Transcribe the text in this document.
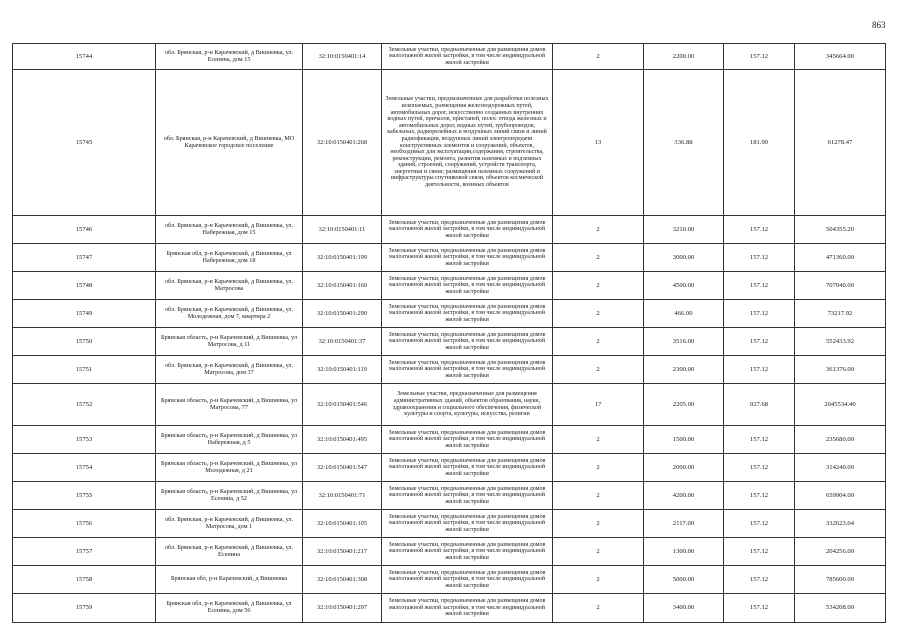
863
15744	обл. Брянская, р-н Карачевский, д Вишневка, ул. Есенина, дом 15	32:10:0150401:14	Земельные участки, предназначенные для размещения домов малоэтажной жилой застройки, в том числе индивидуальной жилой застройки	2	2200.00	157.12	345664.00
15745	обл. Брянская, р-н Карачевский, д Вишневка, МО Карачевское городское поселение	32:10:0150401:268	Земельные участки, предназначенные для разработки полезных ископаемых, размещения железнодорожных путей, автомобильных дорог, искусственно созданных внутренних водных путей, причалов, пристаней, полос отвода железных и автомобильных дорог, водных путей, трубопроводов, кабельных, радиорелейных и воздушных линий связи и линий радиофикации, воздушных линий электропередачи конструктивных элементов и сооружений, объектов, необходимых для эксплуатации,содержания, строительства, реконструкции, ремонта, развития наземных и подземных зданий, строений, сооружений, устройств транспорта, энергетики и связи; размещения наземных сооружений и инфраструктуры спутниковой связи, объектов космической деятельности, военных объектов	13	336.88	181.90	61278.47
15746	обл. Брянская, р-н Карачевский, д Вишневка, ул. Набережная, дом 15	32:10:0150401:11	Земельные участки, предназначенные для размещения домов малоэтажной жилой застройки, в том числе индивидуальной жилой застройки	2	3210.00	157.12	504355.20
15747	Брянская обл, р-н Карачевский, д Вишневка, ул Набережная, дом 18	32:10:0150401:199	Земельные участки, предназначенные для размещения домов малоэтажной жилой застройки, в том числе индивидуальной жилой застройки	2	3000.00	157.12	471360.00
15748	обл. Брянская, р-н Карачевский, д Вишневка, ул. Матросова	32:10:0150401:160	Земельные участки, предназначенные для размещения домов малоэтажной жилой застройки, в том числе индивидуальной жилой застройки	2	4500.00	157.12	707040.00
15749	обл. Брянская, р-н Карачевский, д Вишневка, ул. Молодежная, дом 7, квартира 2	32:10:0150401:290	Земельные участки, предназначенные для размещения домов малоэтажной жилой застройки, в том числе индивидуальной жилой застройки	2	466.00	157.12	73217.92
15750	Брянская область, р-н Карачевский, д Вишневка, ул Матросова, д 11	32:10:0150401:37	Земельные участки, предназначенные для размещения домов малоэтажной жилой застройки, в том числе индивидуальной жилой застройки	2	3516.00	157.12	552433.92
15751	обл. Брянская, р-н Карачевский, д Вишневка, ул. Матросова, дом 37	32:10:0150401:119	Земельные участки, предназначенные для размещения домов малоэтажной жилой застройки, в том числе индивидуальной жилой застройки	2	2300.00	157.12	361376.00
15752	Брянская область, р-н Карачевский, д Вишневка, ул Матросова, 77	32:10:0150401:546	Земельные участки, предназначенные для размещения административных зданий, объектов образования, науки, здравоохранения и социального обеспечения, физической культуры и спорта, культуры, искусства, религии	17	2205.00	927.68	2045534.40
15753	Брянская область, р-н Карачевский, д Вишневка, ул Набережная, д 5	32:10:0150401:495	Земельные участки, предназначенные для размещения домов малоэтажной жилой застройки, в том числе индивидуальной жилой застройки	2	1500.00	157.12	235680.00
15754	Брянская область, р-н Карачевский, д Вишневка, ул Молодежная, д 21	32:10:0150401:547	Земельные участки, предназначенные для размещения домов малоэтажной жилой застройки, в том числе индивидуальной жилой застройки	2	2000.00	157.12	314240.00
15755	Брянская область, р-н Карачевский, д Вишневка, ул Есенина, д 52	32:10:0150401:71	Земельные участки, предназначенные для размещения домов малоэтажной жилой застройки, в том числе индивидуальной жилой застройки	2	4200.00	157.12	659904.00
15756	обл. Брянская, р-н Карачевский, д Вишневка, ул. Матросова, дом 1	32:10:0150401:105	Земельные участки, предназначенные для размещения домов малоэтажной жилой застройки, в том числе индивидуальной жилой застройки	2	2117.00	157.12	332623.04
15757	обл. Брянская, р-н Карачевский, д Вишневка, ул. Есенина	32:10:0150401:217	Земельные участки, предназначенные для размещения домов малоэтажной жилой застройки, в том числе индивидуальной жилой застройки	2	1300.00	157.12	204256.00
15758	Брянская обл, р-н Карачевский, д Вишневка	32:10:0150401:308	Земельные участки, предназначенные для размещения домов малоэтажной жилой застройки, в том числе индивидуальной жилой застройки	2	5000.00	157.12	785600.00
15759	Брянская обл, р-н Карачевский, д Вишневка, ул Есенина, дом 56	32:10:0150401:297	Земельные участки, предназначенные для размещения домов малоэтажной жилой застройки, в том числе индивидуальной жилой застройки	2	3400.00	157.12	534208.00
